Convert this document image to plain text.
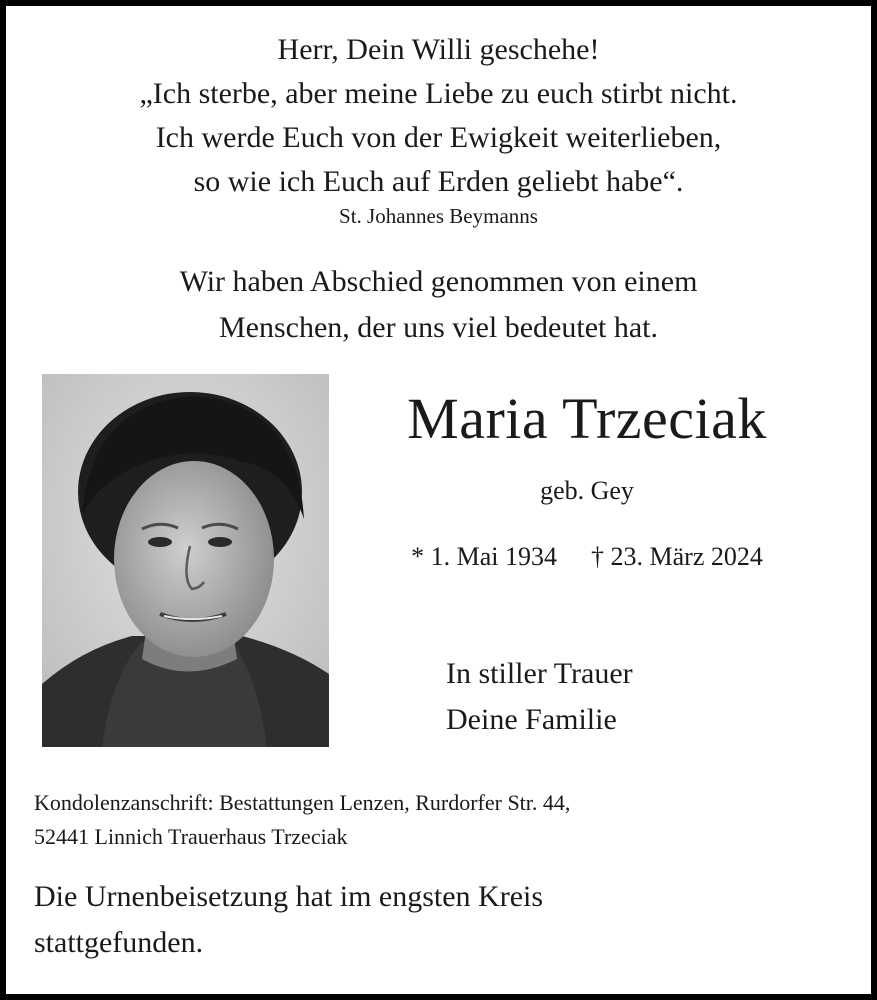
Herr, Dein Willi geschehe!
„Ich sterbe, aber meine Liebe zu euch stirbt nicht.
Ich werde Euch von der Ewigkeit weiterlieben,
so wie ich Euch auf Erden geliebt habe“.
St. Johannes Beymanns
Wir haben Abschied genommen von einem
Menschen, der uns viel bedeutet hat.
Maria Trzeciak
geb. Gey
* 1. Mai 1934 † 23. März 2024
In stiller Trauer
Deine Familie
Kondolenzanschrift: Bestattungen Lenzen, Rurdorfer Str. 44,
52441 Linnich Trauerhaus Trzeciak
Die Urnenbeisetzung hat im engsten Kreis
stattgefunden.
